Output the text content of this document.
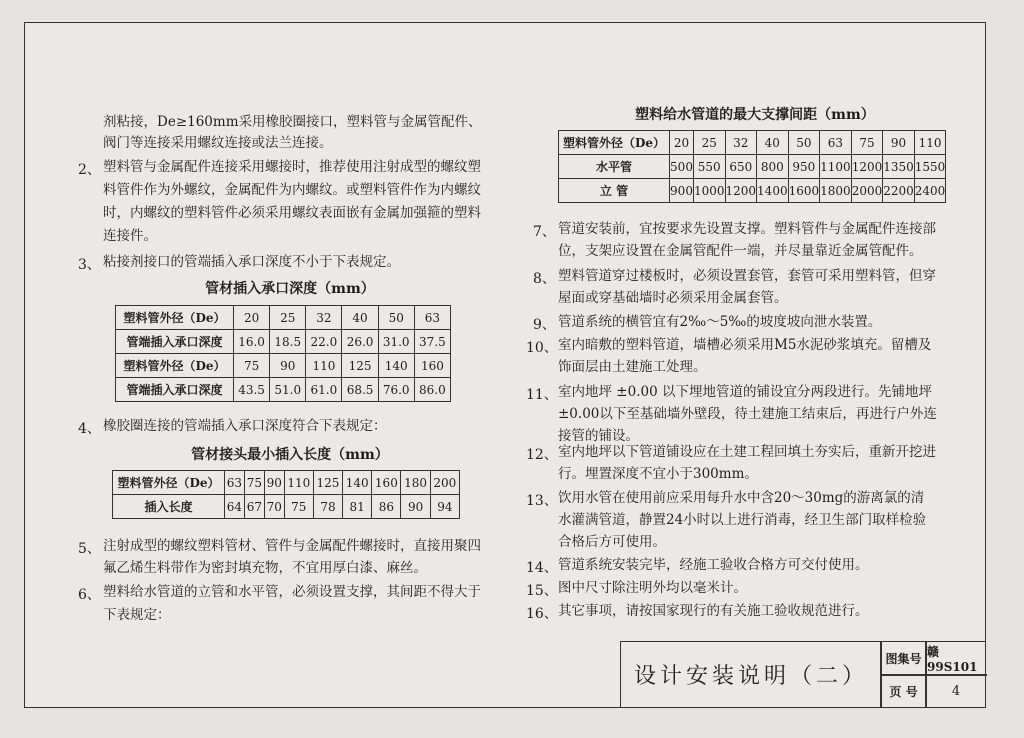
剂粘接，De≥160mm采用橡胶圈接口，塑料管与金属管配件、
阀门等连接采用螺纹连接或法兰连接。
2、 塑料管与金属配件连接采用螺接时，推荐使用注射成型的螺纹塑
料管件作为外螺纹，金属配件为内螺纹。或塑料管件作为内螺纹
时，内螺纹的塑料管件必须采用螺纹表面嵌有金属加强箍的塑料
连接件。
3、 粘接剂接口的管端插入承口深度不小于下表规定。
管材插入承口深度（mm）
塑料管外径（De）	20	25	32	40	50	63
管端插入承口深度	16.0	18.5	22.0	26.0	31.0	37.5
塑料管外径（De）	75	90	110	125	140	160
管端插入承口深度	43.5	51.0	61.0	68.5	76.0	86.0
4、 橡胶圈连接的管端插入承口深度符合下表规定：
管材接头最小插入长度（mm）
塑料管外径（De）	63	75	90	110	125	140	160	180	200
插入长度	64	67	70	75	78	81	86	90	94
5、 注射成型的螺纹塑料管材、管件与金属配件螺接时，直接用聚四
氟乙烯生料带作为密封填充物，不宜用厚白漆、麻丝。
6、 塑料给水管道的立管和水平管，必须设置支撑，其间距不得大于
下表规定：
塑料给水管道的最大支撑间距（mm）
塑料管外径（De）	20	25	32	40	50	63	75	90	110
水平管	500	550	650	800	950	1100	1200	1350	1550
立 管	900	1000	1200	1400	1600	1800	2000	2200	2400
7、 管道安装前，宜按要求先设置支撑。塑料管件与金属配件连接部
位，支架应设置在金属管配件一端，并尽量靠近金属管配件。
8、 塑料管道穿过楼板时，必须设置套管，套管可采用塑料管，但穿
屋面或穿基础墙时必须采用金属套管。
9、 管道系统的横管宜有2‰～5‰的坡度坡向泄水装置。
10、 室内暗敷的塑料管道，墙槽必须采用M5水泥砂浆填充。留槽及
饰面层由土建施工处理。
11、 室内地坪 ±0.00 以下埋地管道的铺设宜分两段进行。先铺地坪
±0.00以下至基础墙外壁段，待土建施工结束后，再进行户外连
接管的铺设。
12、 室内地坪以下管道铺设应在土建工程回填土夯实后，重新开挖进
行。埋置深度不宜小于300mm。
13、 饮用水管在使用前应采用每升水中含20～30mg的游离氯的清
水灌满管道，静置24小时以上进行消毒，经卫生部门取样检验
合格后方可使用。
14、 管道系统安装完毕，经施工验收合格方可交付使用。
15、 图中尺寸除注明外均以毫米计。
16、 其它事项，请按国家现行的有关施工验收规范进行。
设计安装说明（二）
图集号 赣99S101
页 号	4
